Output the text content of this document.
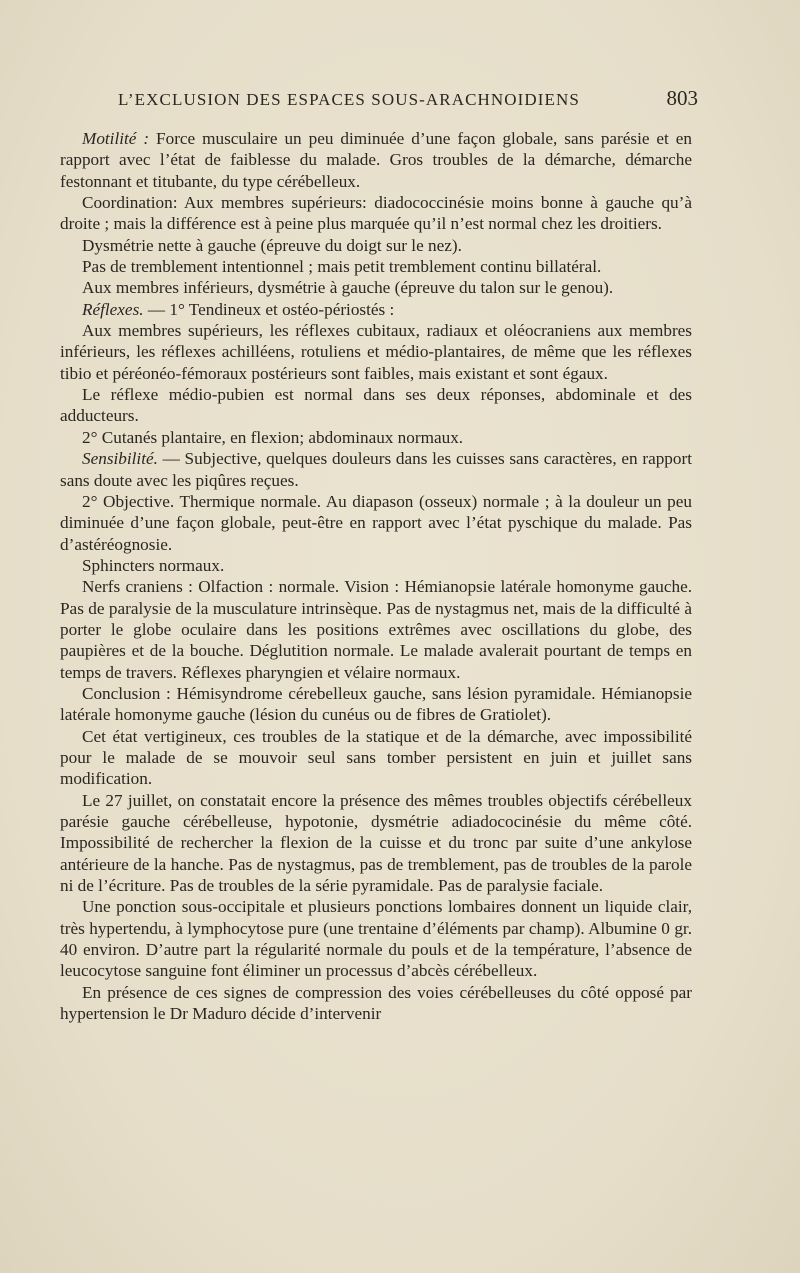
L’EXCLUSION DES ESPACES SOUS-ARACHNOIDIENS	803

Motilité : Force musculaire un peu diminuée d’une façon globale, sans parésie et en rapport avec l’état de faiblesse du malade. Gros troubles de la démarche, démarche festonnant et titubante, du type cérébelleux.

Coordination: Aux membres supérieurs: diadococcinésie moins bonne à gauche qu’à droite ; mais la différence est à peine plus marquée qu’il n’est normal chez les droitiers.

Dysmétrie nette à gauche (épreuve du doigt sur le nez).

Pas de tremblement intentionnel ; mais petit tremblement continu billatéral.

Aux membres inférieurs, dysmétrie à gauche (épreuve du talon sur le genou).

Réflexes. — 1° Tendineux et ostéo-périostés :

Aux membres supérieurs, les réflexes cubitaux, radiaux et oléocraniens aux membres inférieurs, les réflexes achilléens, rotuliens et médio-plantaires, de même que les réflexes tibio et péréonéo-fémoraux postérieurs sont faibles, mais existant et sont égaux.

Le réflexe médio-pubien est normal dans ses deux réponses, abdominale et des adducteurs.

2° Cutanés plantaire, en flexion; abdominaux normaux.

Sensibilité. — Subjective, quelques douleurs dans les cuisses sans caractères, en rapport sans doute avec les piqûres reçues.

2° Objective. Thermique normale. Au diapason (osseux) normale ; à la douleur un peu diminuée d’une façon globale, peut-être en rapport avec l’état pyschique du malade. Pas d’astéréognosie.

Sphincters normaux.

Nerfs craniens : Olfaction : normale. Vision : Hémianopsie latérale homonyme gauche. Pas de paralysie de la musculature intrinsèque. Pas de nystagmus net, mais de la difficulté à porter le globe oculaire dans les positions extrêmes avec oscillations du globe, des paupières et de la bouche. Déglutition normale. Le malade avalerait pourtant de temps en temps de travers. Réflexes pharyngien et vélaire normaux.

Conclusion : Hémisyndrome cérebelleux gauche, sans lésion pyramidale. Hémianopsie latérale homonyme gauche (lésion du cunéus ou de fibres de Gratiolet).

Cet état vertigineux, ces troubles de la statique et de la démarche, avec impossibilité pour le malade de se mouvoir seul sans tomber persistent en juin et juillet sans modification.

Le 27 juillet, on constatait encore la présence des mêmes troubles objectifs cérébelleux parésie gauche cérébelleuse, hypotonie, dysmétrie adiadococinésie du même côté. Impossibilité de rechercher la flexion de la cuisse et du tronc par suite d’une ankylose antérieure de la hanche. Pas de nystagmus, pas de tremblement, pas de troubles de la parole ni de l’écriture. Pas de troubles de la série pyramidale. Pas de paralysie faciale.

Une ponction sous-occipitale et plusieurs ponctions lombaires donnent un liquide clair, très hypertendu, à lymphocytose pure (une trentaine d’éléments par champ). Albumine 0 gr. 40 environ. D’autre part la régularité normale du pouls et de la température, l’absence de leucocytose sanguine font éliminer un processus d’abcès cérébelleux.

En présence de ces signes de compression des voies cérébelleuses du côté opposé par hypertension le Dr Maduro décide d’intervenir
